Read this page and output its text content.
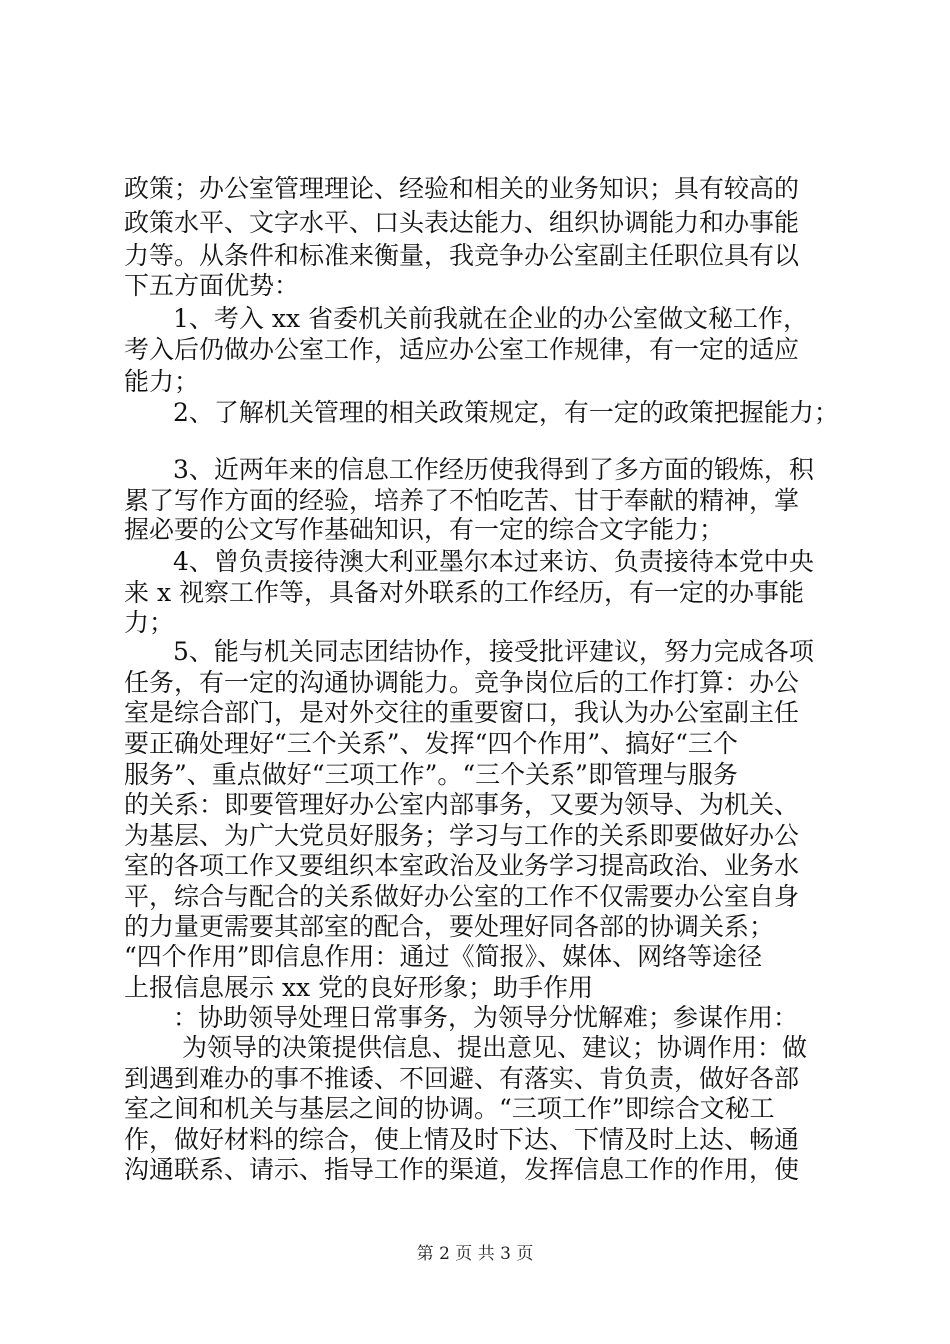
政策；办公室管理理论、经验和相关的业务知识；具有较高的
政策水平、文字水平、口头表达能力、组织协调能力和办事能
力等。从条件和标准来衡量，我竞争办公室副主任职位具有以
下五方面优势：
1、考入 xx 省委机关前我就在企业的办公室做文秘工作，
考入后仍做办公室工作，适应办公室工作规律，有一定的适应
能力；
2、了解机关管理的相关政策规定，有一定的政策把握能力；
3、近两年来的信息工作经历使我得到了多方面的锻炼，积
累了写作方面的经验，培养了不怕吃苦、甘于奉献的精神，掌
握必要的公文写作基础知识，有一定的综合文字能力；
4、曾负责接待澳大利亚墨尔本过来访、负责接待本党中央
来 x 视察工作等，具备对外联系的工作经历，有一定的办事能
力；
5、能与机关同志团结协作，接受批评建议，努力完成各项
任务，有一定的沟通协调能力。竞争岗位后的工作打算：办公
室是综合部门，是对外交往的重要窗口，我认为办公室副主任
要正确处理好“三个关系”、发挥“四个作用”、搞好“三个
服务”、重点做好“三项工作”。“三个关系”即管理与服务
的关系：即要管理好办公室内部事务，又要为领导、为机关、
为基层、为广大党员好服务；学习与工作的关系即要做好办公
室的各项工作又要组织本室政治及业务学习提高政治、业务水
平，综合与配合的关系做好办公室的工作不仅需要办公室自身
的力量更需要其部室的配合，要处理好同各部的协调关系；
“四个作用”即信息作用：通过《简报》、媒体、网络等途径
上报信息展示 xx 党的良好形象；助手作用
：协助领导处理日常事务，为领导分忧解难；参谋作用：
为领导的决策提供信息、提出意见、建议；协调作用：做
到遇到难办的事不推诿、不回避、有落实、肯负责，做好各部
室之间和机关与基层之间的协调。“三项工作”即综合文秘工
作，做好材料的综合，使上情及时下达、下情及时上达、畅通
沟通联系、请示、指导工作的渠道，发挥信息工作的作用，使
第 2 页 共 3 页
